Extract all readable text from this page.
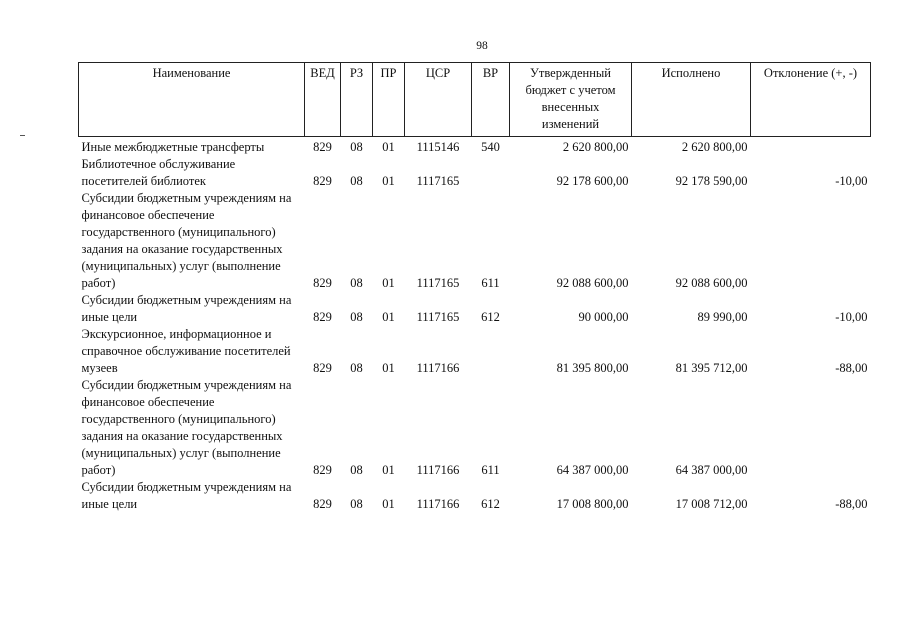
98
Наименование	ВЕД	РЗ	ПР	ЦСР	ВР	Утвержденный бюджет с учетом внесенных изменений	Исполнено	Отклонение (+, -)
Иные межбюджетные трансферты	829	08	01	1115146	540	2 620 800,00	2 620 800,00	
Библиотечное обслуживание посетителей библиотек	829	08	01	1117165		92 178 600,00	92 178 590,00	-10,00
Субсидии бюджетным учреждениям на финансовое обеспечение государственного (муниципального) задания на оказание государственных (муниципальных) услуг (выполнение работ)	829	08	01	1117165	611	92 088 600,00	92 088 600,00	
Субсидии бюджетным учреждениям на иные цели	829	08	01	1117165	612	90 000,00	89 990,00	-10,00
Экскурсионное, информационное и справочное обслуживание посетителей музеев	829	08	01	1117166		81 395 800,00	81 395 712,00	-88,00
Субсидии бюджетным учреждениям на финансовое обеспечение государственного (муниципального) задания на оказание государственных (муниципальных) услуг (выполнение работ)	829	08	01	1117166	611	64 387 000,00	64 387 000,00	
Субсидии бюджетным учреждениям на иные цели	829	08	01	1117166	612	17 008 800,00	17 008 712,00	-88,00
